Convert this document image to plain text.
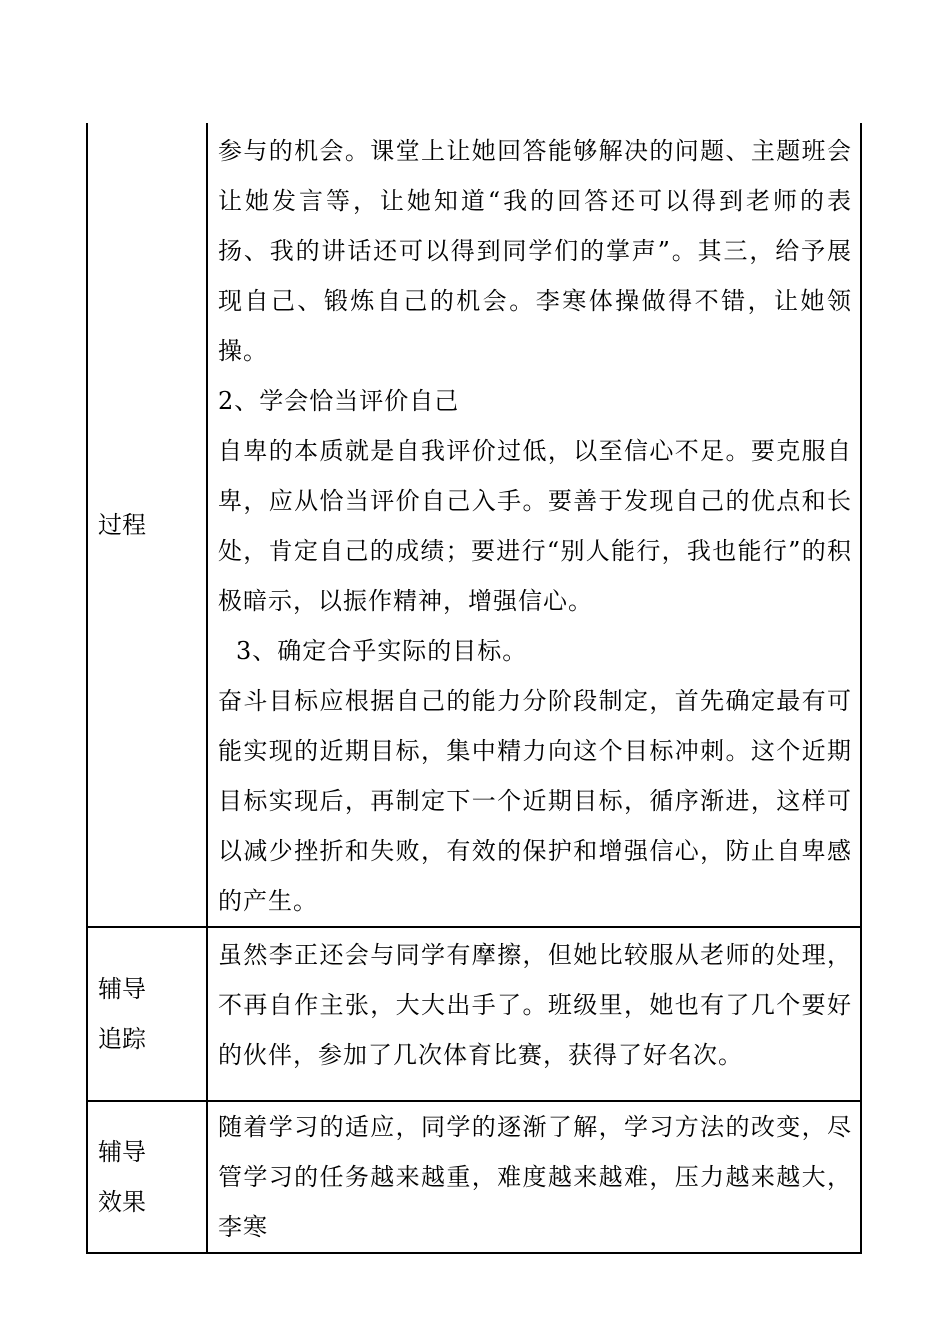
过程	参与的机会。课堂上让她回答能够解决的问题、主题班会让她发言等，让她知道“我的回答还可以得到老师的表扬、我的讲话还可以得到同学们的掌声”。其三，给予展现自己、锻炼自己的机会。李寒体操做得不错，让她领操。

2、学会恰当评价自己

自卑的本质就是自我评价过低，以至信心不足。要克服自卑，应从恰当评价自己入手。要善于发现自己的优点和长处，肯定自己的成绩；要进行“别人能行，我也能行”的积极暗示，以振作精神，增强信心。

3、确定合乎实际的目标。

奋斗目标应根据自己的能力分阶段制定，首先确定最有可能实现的近期目标，集中精力向这个目标冲刺。这个近期目标实现后，再制定下一个近期目标，循序渐进，这样可以减少挫折和失败，有效的保护和增强信心，防止自卑感的产生。

辅导
追踪	虽然李正还会与同学有摩擦，但她比较服从老师的处理，不再自作主张，大大出手了。班级里，她也有了几个要好的伙伴，参加了几次体育比赛，获得了好名次。

辅导
效果	随着学习的适应，同学的逐渐了解，学习方法的改变，尽管学习的任务越来越重，难度越来越难，压力越来越大，李寒
